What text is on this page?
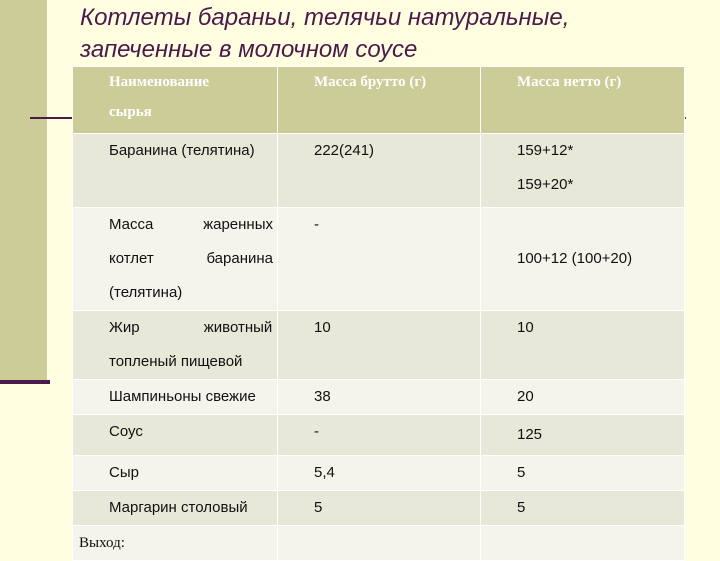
Котлеты бараньи, телячьи натуральные,
запеченные в молочном соусе
Наименование
сырья	Масса брутто (г)	Масса нетто (г)

Баранина (телятина)	222(241)	159+12*
159+20*

Масса жаренных
котлет баранина
(телятина)	-	100+12 (100+20)

Жир животный
топленый пищевой	10	10

Шампиньоны свежие	38	20

Соус	-	125

Сыр	5,4	5

Маргарин столовый	5	5

Выход:		
